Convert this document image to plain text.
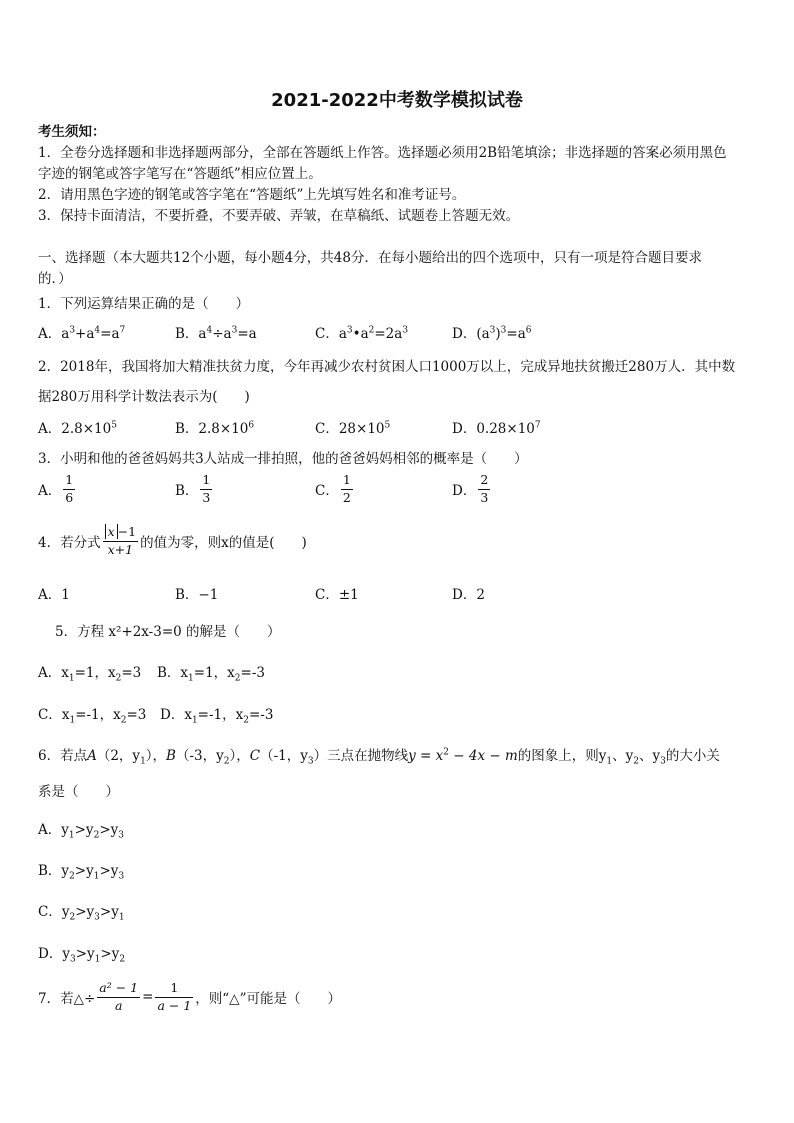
2021-2022中考数学模拟试卷
考生须知：
1．全卷分选择题和非选择题两部分，全部在答题纸上作答。选择题必须用2B铅笔填涂；非选择题的答案必须用黑色
字迹的钢笔或答字笔写在“答题纸”相应位置上。
2．请用黑色字迹的钢笔或答字笔在“答题纸”上先填写姓名和准考证号。
3．保持卡面清洁，不要折叠，不要弄破、弄皱，在草稿纸、试题卷上答题无效。
一、选择题（本大题共12个小题，每小题4分，共48分．在每小题给出的四个选项中，只有一项是符合题目要求
的．）
1．下列运算结果正确的是（　　）
A．$a^3+a^4=a^7$	B．$a^4\div a^3=a$	C．$a^3•a^2=2a^3$	D．$(a^3)^3=a^6$
2．2018年，我国将加大精准扶贫力度，今年再减少农村贫困人口1000万以上，完成异地扶贫搬迁280万人．其中数
据280万用科学计数法表示为(　　)
A．$2.8\times 10^5$	B．$2.8\times 10^6$	C．$28\times 10^5$	D．$0.28\times 10^7$
3．小明和他的爸爸妈妈共3人站成一排拍照，他的爸爸妈妈相邻的概率是（　　）
A． $\frac{1}{6}$	B． $\frac{1}{3}$	C． $\frac{1}{2}$	D． $\frac{2}{3}$
4．若分式 $\frac{x -1}{x+1}$ 的值为零，则x的值是(　　)
A．1	B．−1	C．±1	D．2
5．方程 x²+2x-3=0 的解是（　　）
A．$x_1=1$，$x_2=3$ B．$x_1=1$，$x_2=-3$
C．$x_1=-1$，$x_2=3$ D．$x_1=-1$，$x_2=-3$
6．若点A（2，$y_1$），B（-3，$y_2$），C（-1，$y_3$）三点在抛物线$y = x^2 - 4x - m$的图象上，则$y_1$、$y_2$、$y_3$的大小关
系是（　　）
A．$y_1>y_2>y_3$
B．$y_2>y_1>y_3$
C．$y_2>y_3>y_1$
D．$y_3>y_1>y_2$
7．若△÷ $\frac{\text{a² − 1}}{a} = \frac{1}{a - 1}$ ，则“△”可能是（　　）
